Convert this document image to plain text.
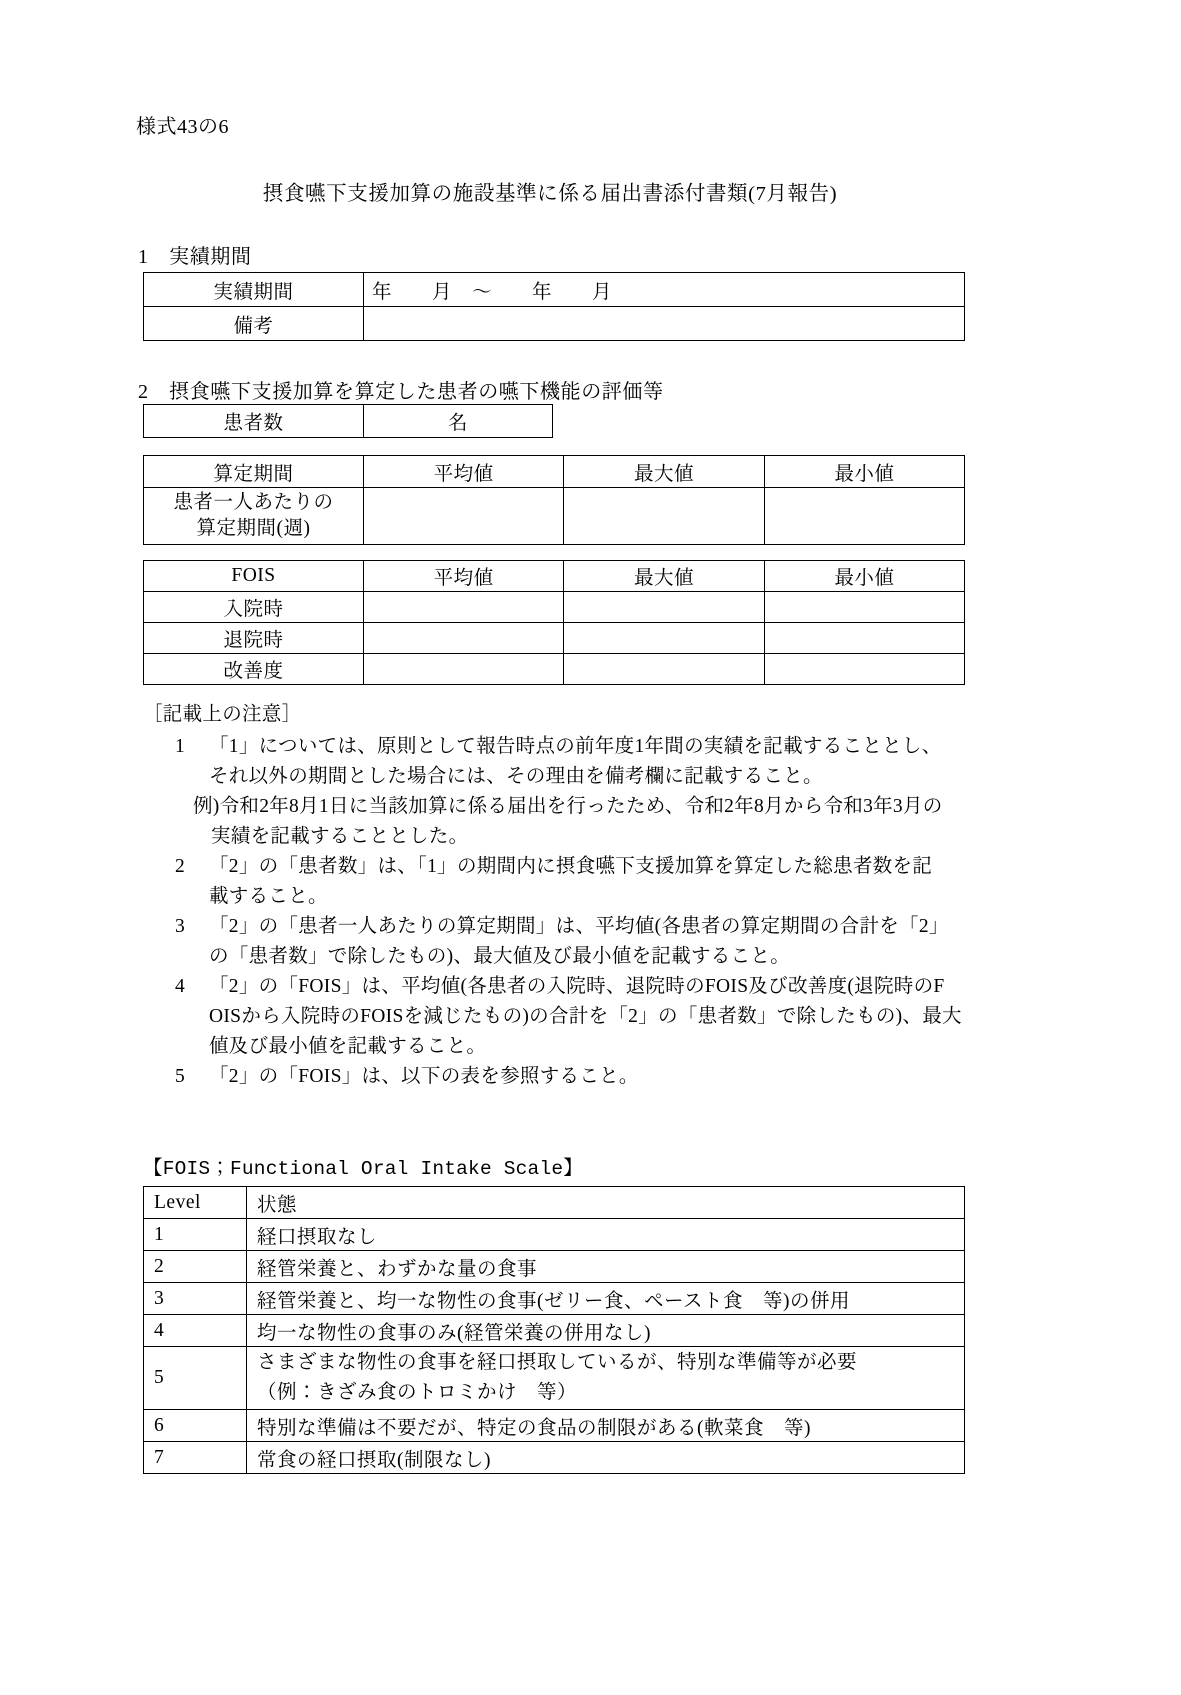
様式43の6
摂食嚥下支援加算の施設基準に係る届出書添付書類(7月報告)
1　実績期間
実績期間	年　　月　〜　　年　　月
備考	
2　摂食嚥下支援加算を算定した患者の嚥下機能の評価等
患者数	名
算定期間	平均値	最大値	最小値
患者一人あたりの
算定期間(週)			
FOIS	平均値	最大値	最小値
入院時			
退院時			
改善度			
［記載上の注意］
1	「1」については、原則として報告時点の前年度1年間の実績を記載することとし、
それ以外の期間とした場合には、その理由を備考欄に記載すること。
例)令和2年8月1日に当該加算に係る届出を行ったため、令和2年8月から令和3年3月の
実績を記載することとした。
2	「2」の「患者数」は、「1」の期間内に摂食嚥下支援加算を算定した総患者数を記
載すること。
3	「2」の「患者一人あたりの算定期間」は、平均値(各患者の算定期間の合計を「2」
の「患者数」で除したもの)、最大値及び最小値を記載すること。
4	「2」の「FOIS」は、平均値(各患者の入院時、退院時のFOIS及び改善度(退院時のF
OISから入院時のFOISを減じたもの)の合計を「2」の「患者数」で除したもの)、最大
値及び最小値を記載すること。
5	「2」の「FOIS」は、以下の表を参照すること。
【FOIS；Functional Oral Intake Scale】
Level	状態
1	経口摂取なし
2	経管栄養と、わずかな量の食事
3	経管栄養と、均一な物性の食事(ゼリー食、ペースト食　等)の併用
4	均一な物性の食事のみ(経管栄養の併用なし)
5	さまざまな物性の食事を経口摂取しているが、特別な準備等が必要
（例：きざみ食のトロミかけ　等）

6	特別な準備は不要だが、特定の食品の制限がある(軟菜食　等)
7	常食の経口摂取(制限なし)
